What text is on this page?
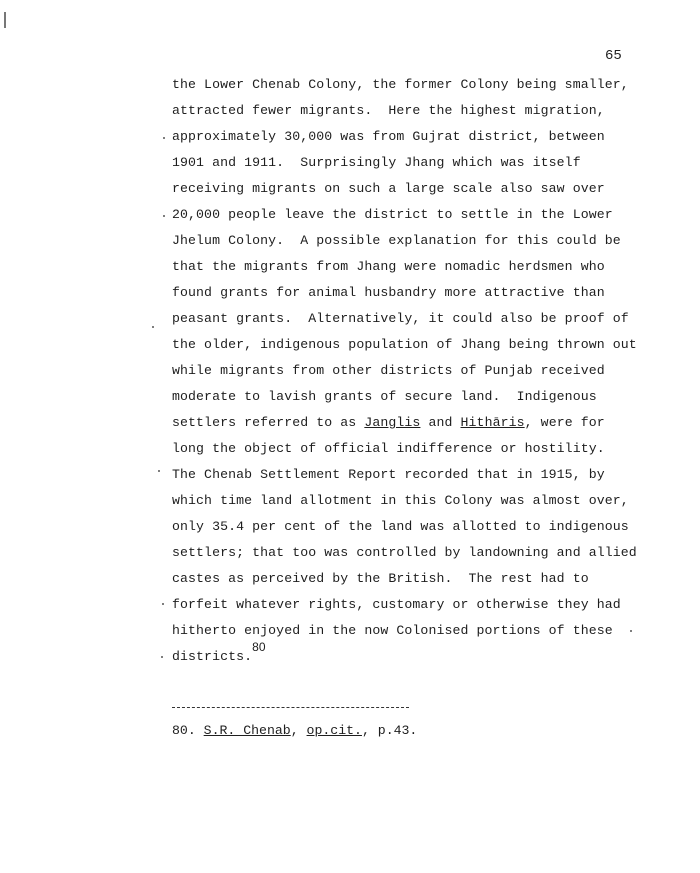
65
the Lower Chenab Colony, the former Colony being smaller,
attracted fewer migrants.  Here the highest migration,
approximately 30,000 was from Gujrat district, between
1901 and 1911.  Surprisingly Jhang which was itself
receiving migrants on such a large scale also saw over
20,000 people leave the district to settle in the Lower
Jhelum Colony.  A possible explanation for this could be
that the migrants from Jhang were nomadic herdsmen who
found grants for animal husbandry more attractive than
peasant grants.  Alternatively, it could also be proof of
the older, indigenous population of Jhang being thrown out
while migrants from other districts of Punjab received
moderate to lavish grants of secure land.  Indigenous
settlers referred to as Janglis and Hithāris, were for
long the object of official indifference or hostility.
The Chenab Settlement Report recorded that in 1915, by
which time land allotment in this Colony was almost over,
only 35.4 per cent of the land was allotted to indigenous
settlers; that too was controlled by landowning and allied
castes as perceived by the British.  The rest had to
forfeit whatever rights, customary or otherwise they had
hitherto enjoyed in the now Colonised portions of these
districts.$^{80}$
80. S.R. Chenab, op.cit., p.43.
